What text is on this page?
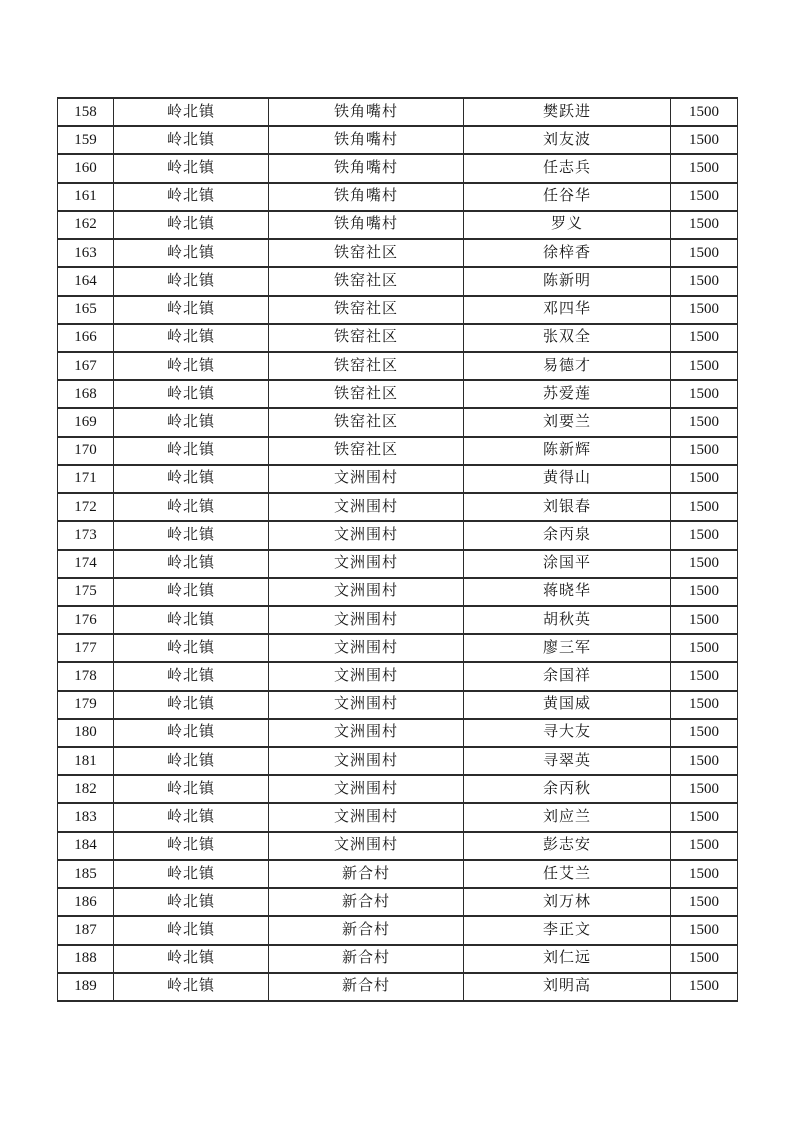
158	岭北镇	铁角嘴村	樊跃进	1500
159	岭北镇	铁角嘴村	刘友波	1500
160	岭北镇	铁角嘴村	任志兵	1500
161	岭北镇	铁角嘴村	任谷华	1500
162	岭北镇	铁角嘴村	罗义	1500
163	岭北镇	铁窑社区	徐梓香	1500
164	岭北镇	铁窑社区	陈新明	1500
165	岭北镇	铁窑社区	邓四华	1500
166	岭北镇	铁窑社区	张双全	1500
167	岭北镇	铁窑社区	易德才	1500
168	岭北镇	铁窑社区	苏爱莲	1500
169	岭北镇	铁窑社区	刘要兰	1500
170	岭北镇	铁窑社区	陈新辉	1500
171	岭北镇	文洲围村	黄得山	1500
172	岭北镇	文洲围村	刘银春	1500
173	岭北镇	文洲围村	余丙泉	1500
174	岭北镇	文洲围村	涂国平	1500
175	岭北镇	文洲围村	蒋晓华	1500
176	岭北镇	文洲围村	胡秋英	1500
177	岭北镇	文洲围村	廖三军	1500
178	岭北镇	文洲围村	余国祥	1500
179	岭北镇	文洲围村	黄国威	1500
180	岭北镇	文洲围村	寻大友	1500
181	岭北镇	文洲围村	寻翠英	1500
182	岭北镇	文洲围村	余丙秋	1500
183	岭北镇	文洲围村	刘应兰	1500
184	岭北镇	文洲围村	彭志安	1500
185	岭北镇	新合村	任艾兰	1500
186	岭北镇	新合村	刘万林	1500
187	岭北镇	新合村	李正文	1500
188	岭北镇	新合村	刘仁远	1500
189	岭北镇	新合村	刘明高	1500
